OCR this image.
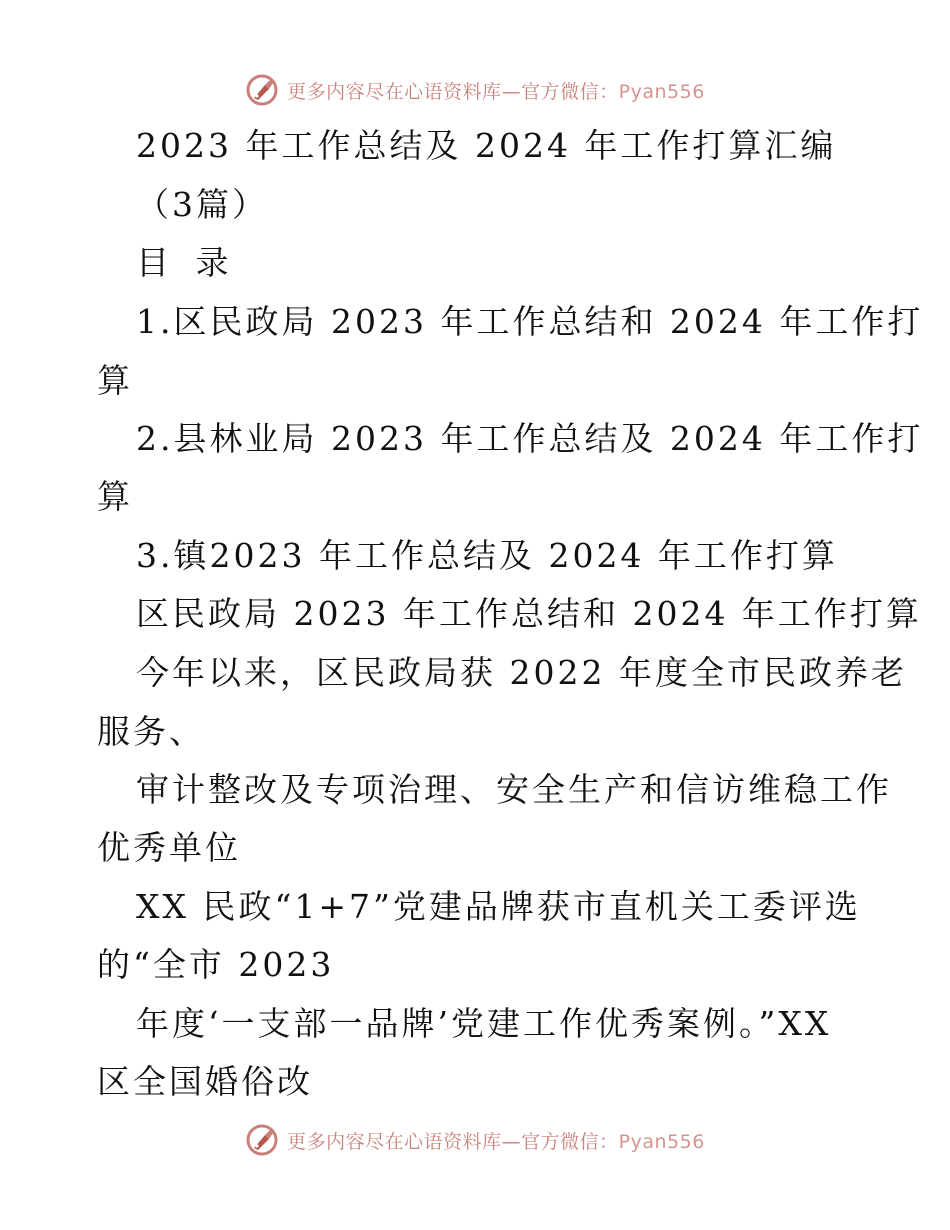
更多内容尽在心语资料库—官方微信：Pyan556
2023 年工作总结及 2024 年工作打算汇编
（3篇）
目 录
1.区民政局 2023 年工作总结和 2024 年工作打
算
2.县林业局 2023 年工作总结及 2024 年工作打
算
3.镇2023 年工作总结及 2024 年工作打算
区民政局 2023 年工作总结和 2024 年工作打算
今年以来，区民政局获 2022 年度全市民政养老
服务、
审计整改及专项治理、安全生产和信访维稳工作
优秀单位
XX 民政“1+7”党建品牌获市直机关工委评选
的“全市 2023
年度‘一支部一品牌’党建工作优秀案例。”XX
区全国婚俗改
更多内容尽在心语资料库—官方微信：Pyan556
